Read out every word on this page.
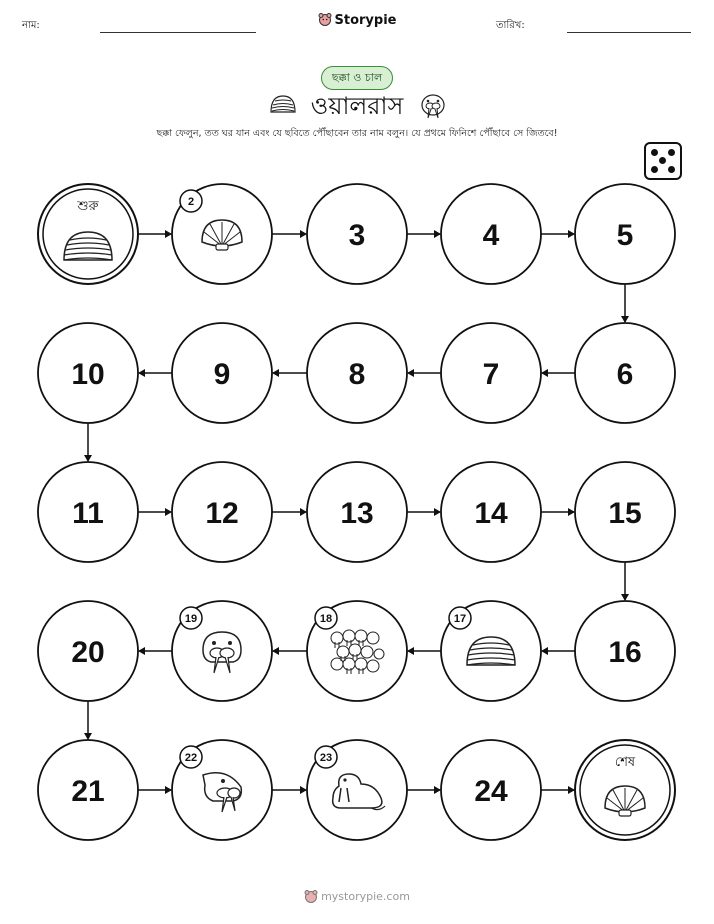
নাম:	Storypie	তারিখ:
ছক্কা ও চাল
ওয়ালরাস
ছক্কা ফেলুন, তত ঘর যান এবং যে ছবিতে পৌঁছাবেন তার নাম বলুন। যে প্রথমে ফিনিশে পৌঁছাবে সে জিতবে!
শুরু	2
3	4	5
6
7
8
9
10
11	12	13	14	15
16
17
18
19
20
21
22	23
24
শেষ
mystorypie.com
